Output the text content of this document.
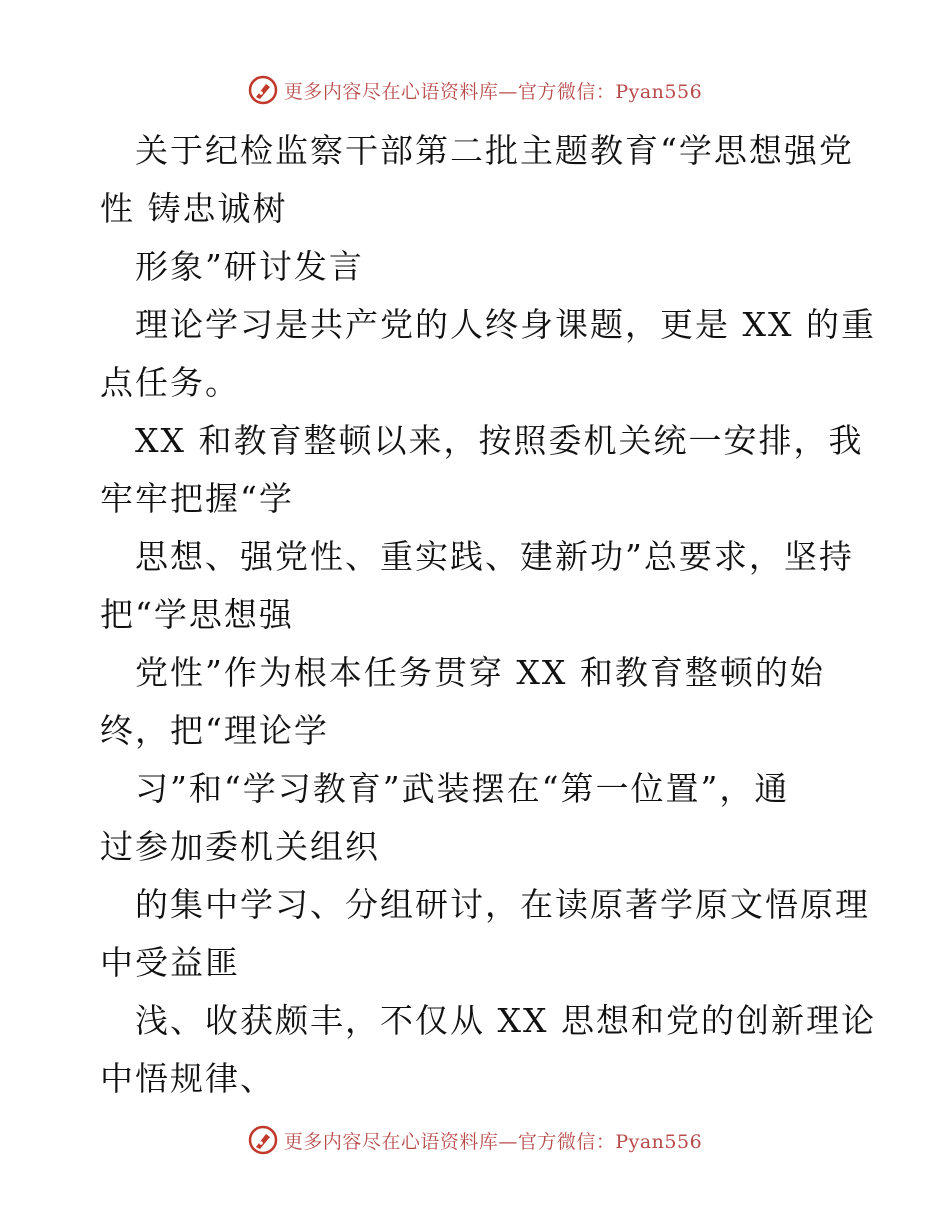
更多内容尽在心语资料库— 官方微信：Pyan556
关于纪检监察干部第二批主题教育“学思想强党
性 铸忠诚树
形象”研讨发言
理论学习是共产党的人终身课题，更是 XX 的重
点任务。
XX 和教育整顿以来，按照委机关统一安排，我
牢牢把握“学
思想、强党性、重实践、建新功”总要求，坚持
把“学思想强
党性”作为根本任务贯穿 XX 和教育整顿的始
终，把“理论学
习”和“学习教育”武装摆在“第一位置”，通
过参加委机关组织
的集中学习、分组研讨，在读原著学原文悟原理
中受益匪
浅、收获颇丰，不仅从 XX 思想和党的创新理论
中悟规律、
更多内容尽在心语资料库— 官方微信：Pyan556
